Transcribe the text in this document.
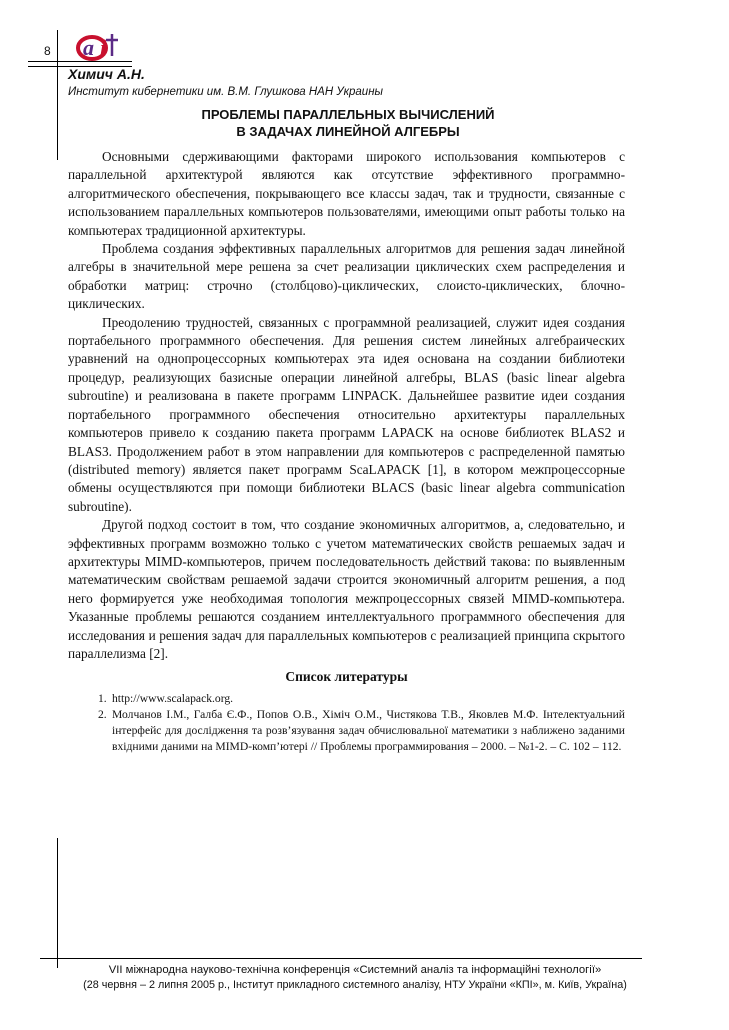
8 a i
Химич А.Н.
Институт кибернетики им. В.М. Глушкова НАН Украины
ПРОБЛЕМЫ ПАРАЛЛЕЛЬНЫХ ВЫЧИСЛЕНИЙ
В ЗАДАЧАХ ЛИНЕЙНОЙ АЛГЕБРЫ

Основными сдерживающими факторами широкого использования компьютеров с параллельной архитектурой являются как отсутствие эффективного программно-алгоритмического обеспечения, покрывающего все классы задач, так и трудности, связанные с использованием параллельных компьютеров пользователями, имеющими опыт работы только на компьютерах традиционной архитектуры.

Проблема создания эффективных параллельных алгоритмов для решения задач линейной алгебры в значительной мере решена за счет реализации циклических схем распределения и обработки матриц: строчно (столбцово)-циклических, слоисто-циклических, блочно-циклических.

Преодолению трудностей, связанных с программной реализацией, служит идея создания портабельного программного обеспечения. Для решения систем линейных алгебраических уравнений на однопроцессорных компьютерах эта идея основана на создании библиотеки процедур, реализующих базисные операции линейной алгебры, BLAS (basic linear algebra subroutine) и реализована в пакете программ LINPACK. Дальнейшее развитие идеи создания портабельного программного обеспечения относительно архитектуры параллельных компьютеров привело к созданию пакета программ LAPACK на основе библиотек BLAS2 и BLAS3. Продолжением работ в этом направлении для компьютеров с распределенной памятью (distributed memory) является пакет программ ScaLAPACK [1], в котором межпроцессорные обмены осуществляются при помощи библиотеки BLACS (basic linear algebra communication subroutine).

Другой подход состоит в том, что создание экономичных алгоритмов, а, следовательно, и эффективных программ возможно только с учетом математических свойств решаемых задач и архитектуры MIMD-компьютеров, причем последовательность действий такова: по выявленным математическим свойствам решаемой задачи строится экономичный алгоритм решения, а под него формируется уже необходимая топология межпроцессорных связей MIMD-компьютера. Указанные проблемы решаются созданием интеллектуального программного обеспечения для исследования и решения задач для параллельных компьютеров с реализацией принципа скрытого параллелизма [2].

Список литературы
1. http://www.scalapack.org.
2. Молчанов І.М., Галба Є.Ф., Попов О.В., Хіміч О.М., Чистякова Т.В., Яковлев М.Ф. Інтелектуальний інтерфейс для дослідження та розв’язування задач обчислювальної математики з наближено заданими вхідними даними на MIMD-комп’ютері // Проблемы программирования – 2000. – №1-2. – С. 102 – 112.
VII міжнародна науково-технічна конференція «Системний аналіз та інформаційні технології»
(28 червня – 2 липня 2005 р., Інститут прикладного системного аналізу, НТУ України «КПІ», м. Київ, Україна)
